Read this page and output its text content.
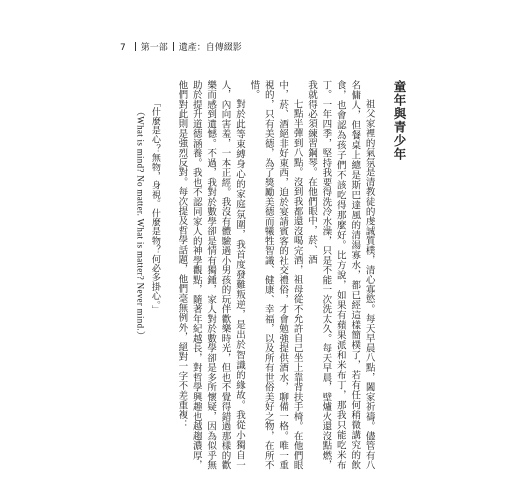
7 第一部 遺產：自傳綴影

童年與青少年

祖父家裡的氣氛是清教徒的虔誠質樸，清心寡慾。每天早晨八點，闔家祈禱。儘管有八名傭人，但餐桌上總是斯巴達風的清湯寡水，都已經這樣簡樸了，若有任何稍微講究的飲食，也會認為孩子們不該吃得那麼好。比方說，如果有蘋果派和米布丁，那我只能吃米布丁。一年四季，堅持我要得洗冷水澡，只是不能一次洗太久。每天早晨，壁爐火還沒點燃，我就得必須練習鋼琴。在他們眼中，菸、酒

七點半彈到八點。沒到我都還沒喝完酒，祖母從不允許自己坐上靠背扶手椅。在他們眼中，菸、酒絕非好東西，迫於宴請賓客的社交禮俗，才會勉強提供酒水，聊備一格。唯一重視的，只有美德，為了獎勵美德而犧牲智識、健康、幸福，以及所有世俗美好之物，在所不惜。

對於此等束縛身心的家庭氛圍，我首度發難叛逆，是出於智識的緣故。我從小獨自一人，內向害羞，一本正經。我沒有體驗過小男孩的玩伴歡樂時光，但也不覺得錯過那樣的歡樂而感到遺憾。不過，我對於數學卻是情有獨鍾，家人對於數學卻是多所懷疑，因為似乎無助於提升道德涵養。我也不認同家人的神學觀點，隨著年紀越長，對哲學興趣也越趨濃厚，他們對此則是強烈反對。每次提及哲學話題，他們毫無例外，絕對一字不差重複：

「什麼是心？無物，身視。什麼是物？何必多掛心。」

（What is mind? No matter. What is matter? Never mind.）
